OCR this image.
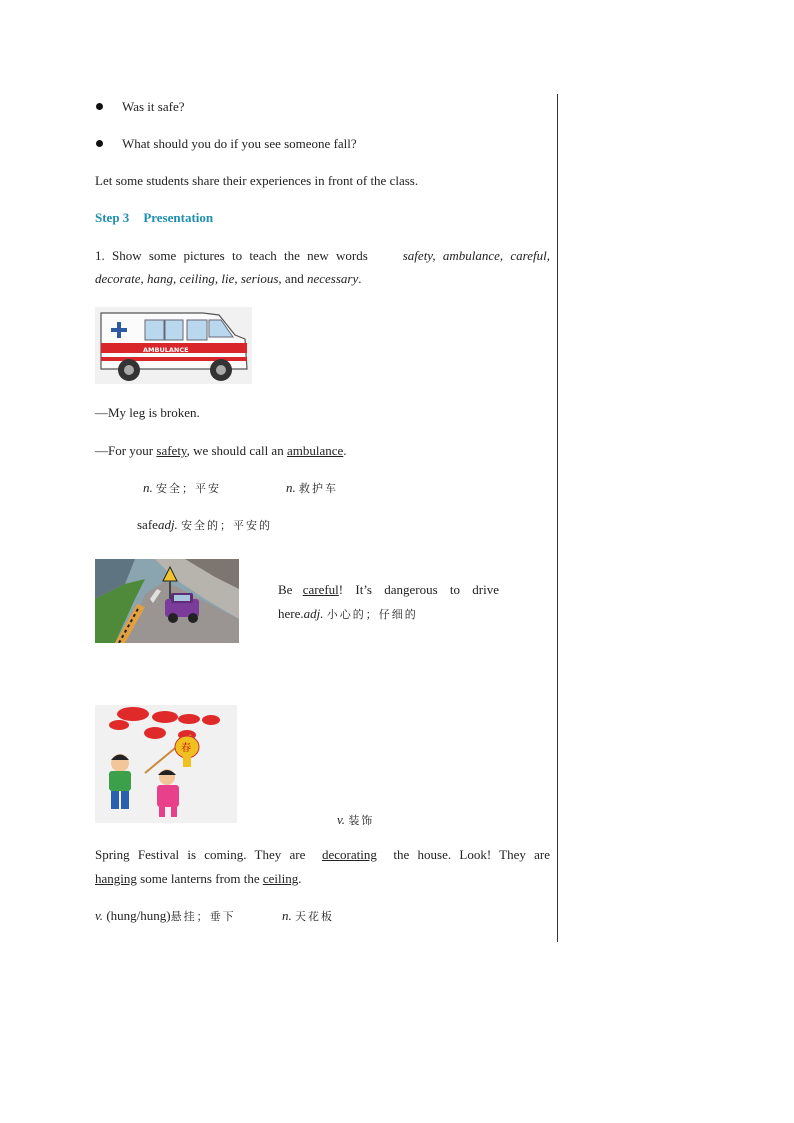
Was it safe?
What should you do if you see someone fall?
Let some students share their experiences in front of the class.
Step 3 Presentation
1. Show some pictures to teach the new words	safety, ambulance, careful,
decorate, hang, ceiling, lie, serious, and necessary.
AMBULANCE
—My leg is broken.
—For your safety, we should call an ambulance.
n. 安全；平安	n. 救护车
safeadj. 安全的；平安的
Be careful! It’s dangerous to drive
here.adj. 小心的；仔细的
春
v. 装饰
Spring Festival is coming. They are decorating the house. Look! They are
hanging some lanterns from the ceiling.
v. (hung/hung)悬挂；垂下	n. 天花板
